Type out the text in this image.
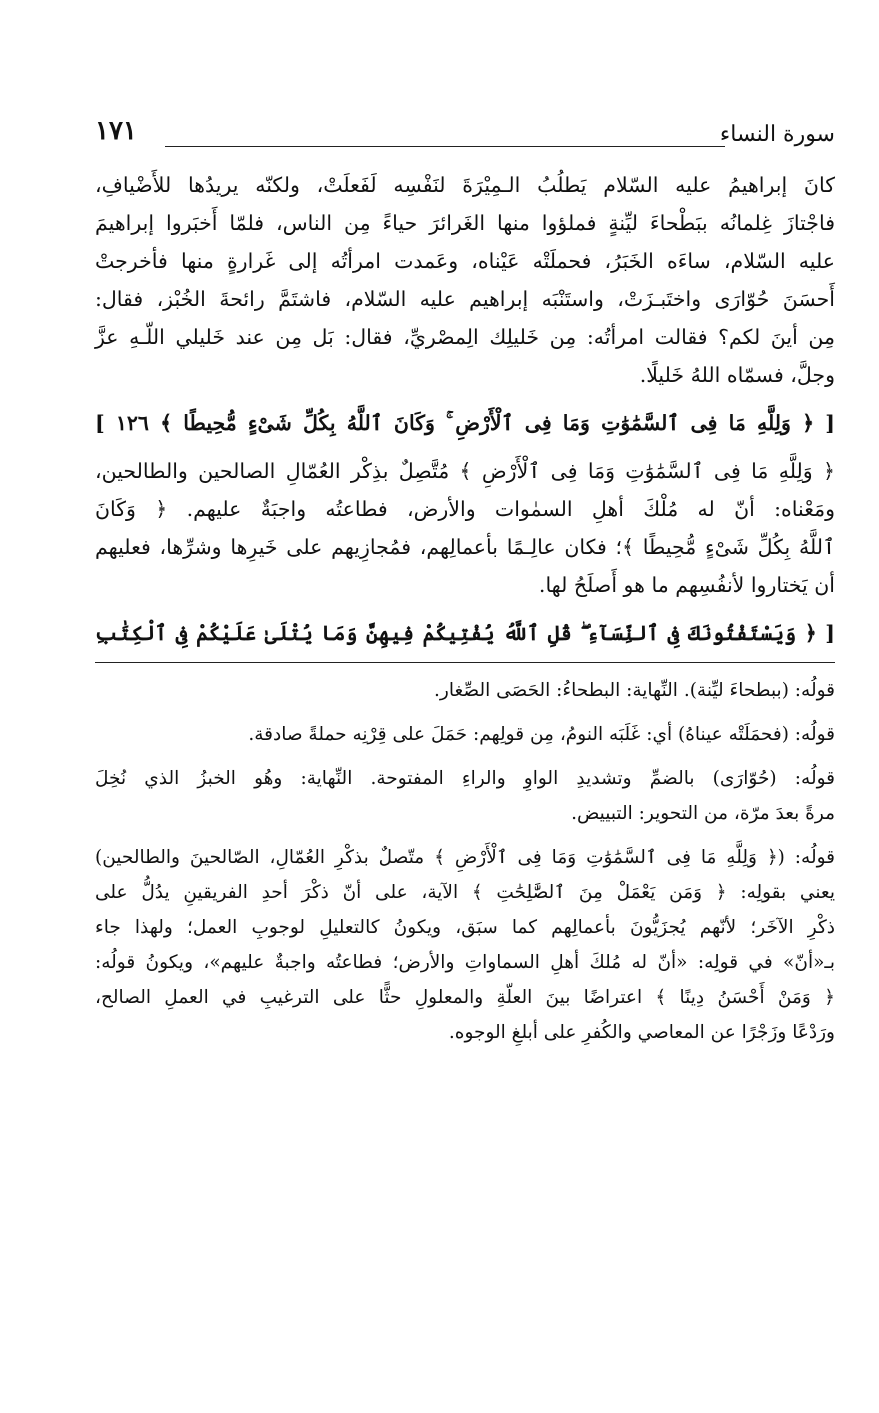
سورة النساء
١٧١
كانَ إبراهيمُ عليه السّلام يَطلُبُ الـمِيْرَةَ لنَفْسِه لَفَعلَتْ، ولكنّه يريدُها للأَضْيافِ،
فاجْتازَ غِلمانُه ببَطْحاءَ ليِّنةٍ فملؤوا منها الغَرائرَ حياءً مِن الناس، فلمّا أَخبَروا إبراهيمَ
عليه السّلام، ساءَه الخَبَرُ، فحملَتْه عَيْناه، وعَمدت امرأتُه إلى غَرارةٍ منها فأخرجتْ
أَحسَنَ حُوّارَى واختَبـزَتْ، واستَنْبَه إبراهيم عليه السّلام، فاشتَمَّ رائحةَ الخُبْز، فقال:
مِن أينَ لكم؟ فقالت امرأتُه: مِن خَليلِك الِمصْريِّ، فقال: بَل مِن عند خَليلي اللّـهِ عزَّ
وجلَّ، فسمّاه اللهُ خَليلًا.
[ ﴿ وَلِلَّهِ مَا فِى ٱلسَّمَٰوَٰتِ وَمَا فِى ٱلْأَرْضِ ۚ وَكَانَ ٱللَّهُ بِكُلِّ شَىْءٍ مُّحِيطًا ﴾ ١٢٦ ]
﴿ وَلِلَّهِ مَا فِى ٱلسَّمَٰوَٰتِ وَمَا فِى ٱلْأَرْضِ ﴾ مُتَّصِلٌ بذِكْر العُمّالِ الصالحين والطالحين،
ومَعْناه: أنّ له مُلْكَ أهلِ السمٰوات والأرض، فطاعتُه واجبَةٌ عليهم. ﴿ وَكَانَ
ٱللَّهُ بِكُلِّ شَىْءٍ مُّحِيطًا ﴾؛ فكان عالِـمًا بأعمالِهم، فمُجازِيهم على خَيرِها وشرِّها، فعليهم
أن يَختاروا لأنفُسِهم ما هو أَصلَحُ لها.
[ ﴿ وَيَسْتَفْتُونَكَ فِى ٱلنِّسَآءِ ۖ قُلِ ٱللَّهُ يُفْتِيكُمْ فِيهِنَّ وَمَا يُتْلَىٰ عَلَيْكُمْ فِى ٱلْكِتَٰبِ
قولُه: (ببطحاءَ ليِّنة). النِّهاية: البطحاءُ: الحَصَى الصِّغار.
قولُه: (فحمَلَتْه عيناهُ) أي: غَلَبَه النومُ، مِن قولِهم: حَمَلَ على قِرْنِه حملةً صادقة.
قولُه: (حُوّارَى) بالضمِّ وتشديدِ الواوِ والراءِ المفتوحة. النِّهاية: وهُو الخبزُ الذي نُخِلَ
مرةً بعدَ مرّة، من التحوير: التبييض.
قولُه: (﴿ وَلِلَّهِ مَا فِى ٱلسَّمَٰوَٰتِ وَمَا فِى ٱلْأَرْضِ ﴾ متّصلٌ بذكْرِ العُمّالِ، الصّالحينَ والطالحين)
يعني بقولِه: ﴿ وَمَن يَعْمَلْ مِنَ ٱلصَّٰلِحَٰتِ ﴾ الآية، على أنّ ذكْرَ أحدِ الفريقينِ يدُلُّ على
ذكْرِ الآخَر؛ لأنّهم يُجزَيُّونَ بأعمالِهم كما سبَق، ويكونُ كالتعليلِ لوجوبِ العمل؛ ولهذا جاء
بـ«أنّ» في قولِه: «أنّ له مُلكَ أهلِ السماواتِ والأرض؛ فطاعتُه واجبةٌ عليهم»، ويكونُ قولُه:
﴿ وَمَنْ أَحْسَنُ دِينًا ﴾ اعتراضًا بينَ العلّةِ والمعلولِ حثًّا على الترغيبِ في العملِ الصالح،
ورَدْعًا وزَجْرًا عن المعاصي والكُفرِ على أبلغِ الوجوه.
